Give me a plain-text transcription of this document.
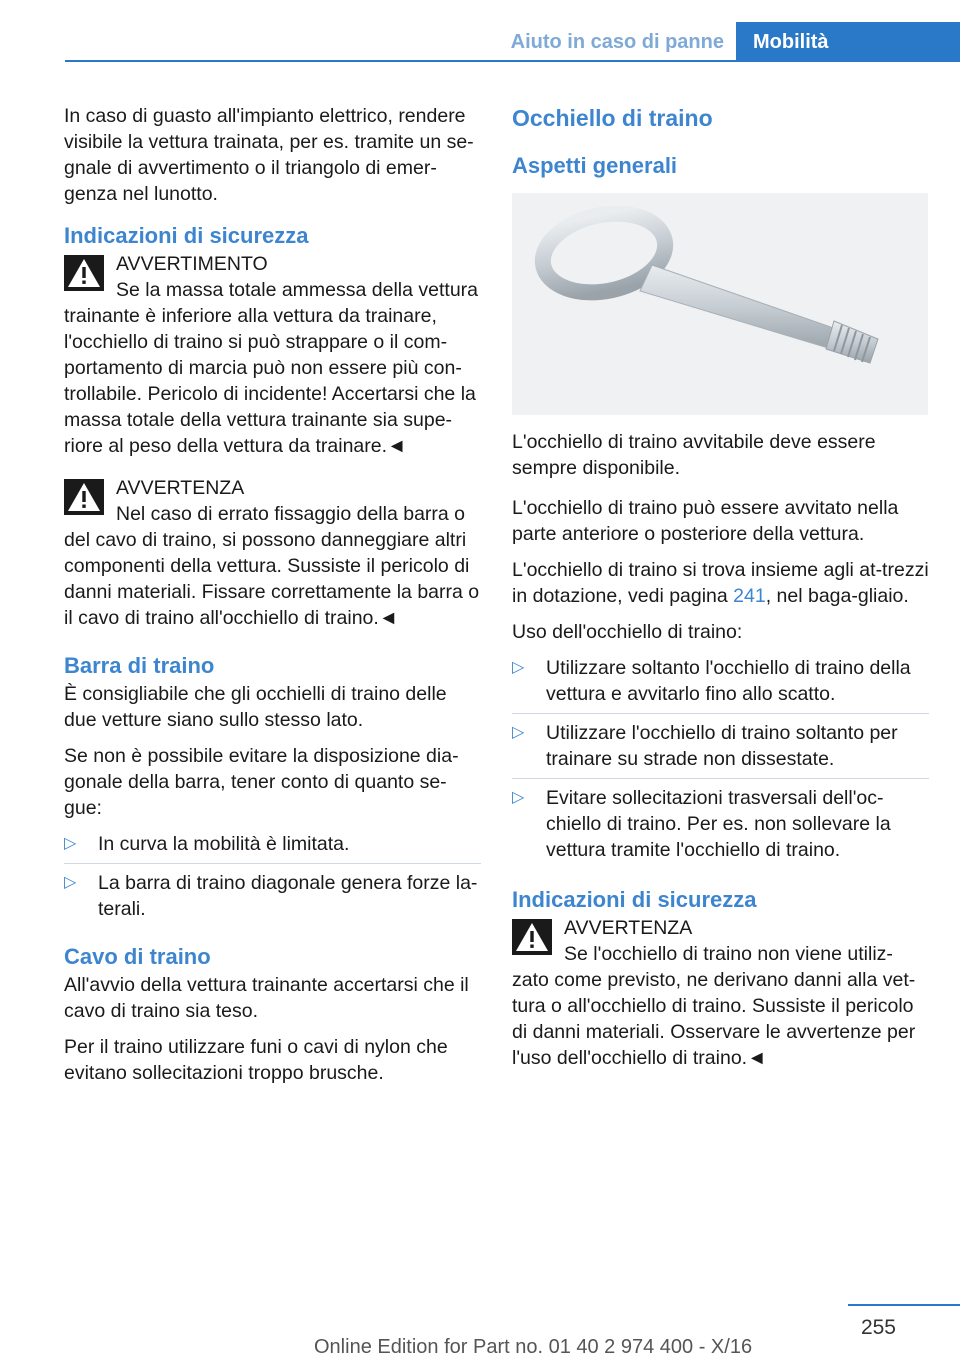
Aiuto in caso di panne	Mobilità

In caso di guasto all'impianto elettrico, rendere visibile la vettura trainata, per es. tramite un se‐gnale di avvertimento o il triangolo di emer‐genza nel lunotto.

Indicazioni di sicurezza
AVVERTIMENTO

Se la massa totale ammessa della vettura trainante è inferiore alla vettura da trainare, l'occhiello di traino si può strappare o il com‐portamento di marcia può non essere più con‐trollabile. Pericolo di incidente! Accertarsi che la massa totale della vettura trainante sia supe‐riore al peso della vettura da trainare.◄

AVVERTENZA

Nel caso di errato fissaggio della barra o del cavo di traino, si possono danneggiare altri componenti della vettura. Sussiste il pericolo di danni materiali. Fissare correttamente la barra o il cavo di traino all'occhiello di traino.◄

Barra di traino

È consigliabile che gli occhielli di traino delle due vetture siano sullo stesso lato.

Se non è possibile evitare la disposizione dia‐gonale della barra, tener conto di quanto se‐gue:

▷	In curva la mobilità è limitata.
▷	La barra di traino diagonale genera forze la‐terali.
Cavo di traino

All'avvio della vettura trainante accertarsi che il cavo di traino sia teso.

Per il traino utilizzare funi o cavi di nylon che evitano sollecitazioni troppo brusche.

Occhiello di traino
Aspetti generali

L'occhiello di traino avvitabile deve essere sempre disponibile.

L'occhiello di traino può essere avvitato nella parte anteriore o posteriore della vettura.

L'occhiello di traino si trova insieme agli at‐trezzi in dotazione, vedi pagina 241, nel baga‐gliaio.

Uso dell'occhiello di traino:

▷	Utilizzare soltanto l'occhiello di traino della vettura e avvitarlo fino allo scatto.
▷	Utilizzare l'occhiello di traino soltanto per trainare su strade non dissestate.
▷	Evitare sollecitazioni trasversali dell'oc‐chiello di traino. Per es. non sollevare la vettura tramite l'occhiello di traino.
Indicazioni di sicurezza
AVVERTENZA

Se l'occhiello di traino non viene utiliz‐zato come previsto, ne derivano danni alla vet‐tura o all'occhiello di traino. Sussiste il pericolo di danni materiali. Osservare le avvertenze per l'uso dell'occhiello di traino.◄

255
Online Edition for Part no. 01 40 2 974 400 - X/16
